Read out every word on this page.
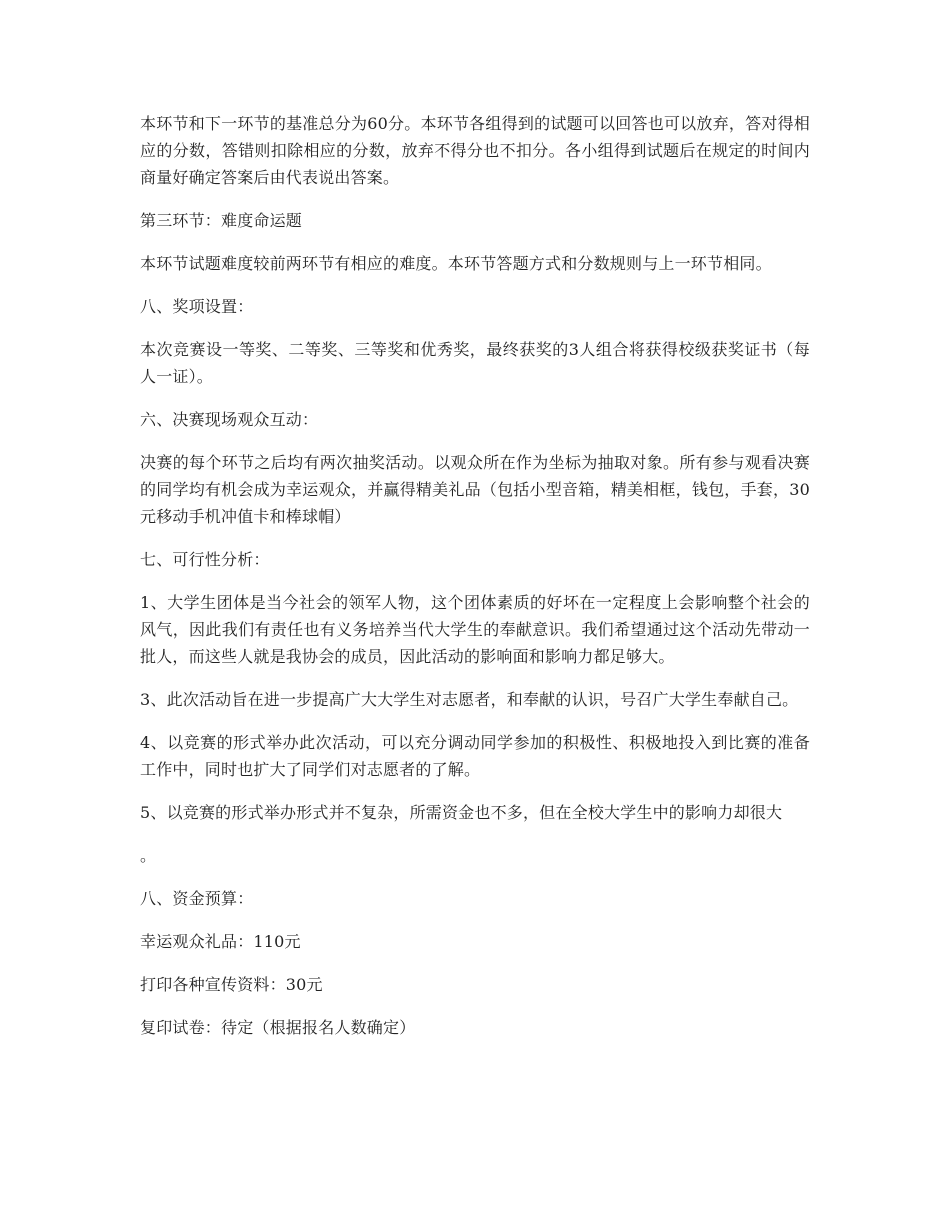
本环节和下一环节的基准总分为60分。本环节各组得到的试题可以回答也可以放弃，答对得相应的分数，答错则扣除相应的分数，放弃不得分也不扣分。各小组得到试题后在规定的时间内商量好确定答案后由代表说出答案。

第三环节：难度命运题

本环节试题难度较前两环节有相应的难度。本环节答题方式和分数规则与上一环节相同。

八、奖项设置：

本次竞赛设一等奖、二等奖、三等奖和优秀奖，最终获奖的3人组合将获得校级获奖证书（每人一证）。

六、决赛现场观众互动：

决赛的每个环节之后均有两次抽奖活动。以观众所在作为坐标为抽取对象。所有参与观看决赛的同学均有机会成为幸运观众，并赢得精美礼品（包括小型音箱，精美相框，钱包，手套，30元移动手机冲值卡和棒球帽）

七、可行性分析：

1、大学生团体是当今社会的领军人物，这个团体素质的好坏在一定程度上会影响整个社会的风气，因此我们有责任也有义务培养当代大学生的奉献意识。我们希望通过这个活动先带动一批人，而这些人就是我协会的成员，因此活动的影响面和影响力都足够大。

3、此次活动旨在进一步提高广大大学生对志愿者，和奉献的认识，号召广大学生奉献自己。

4、以竞赛的形式举办此次活动，可以充分调动同学参加的积极性、积极地投入到比赛的准备工作中，同时也扩大了同学们对志愿者的了解。

5、以竞赛的形式举办形式并不复杂，所需资金也不多，但在全校大学生中的影响力却很大

。

八、资金预算：

幸运观众礼品：110元

打印各种宣传资料：30元

复印试卷：待定（根据报名人数确定）
